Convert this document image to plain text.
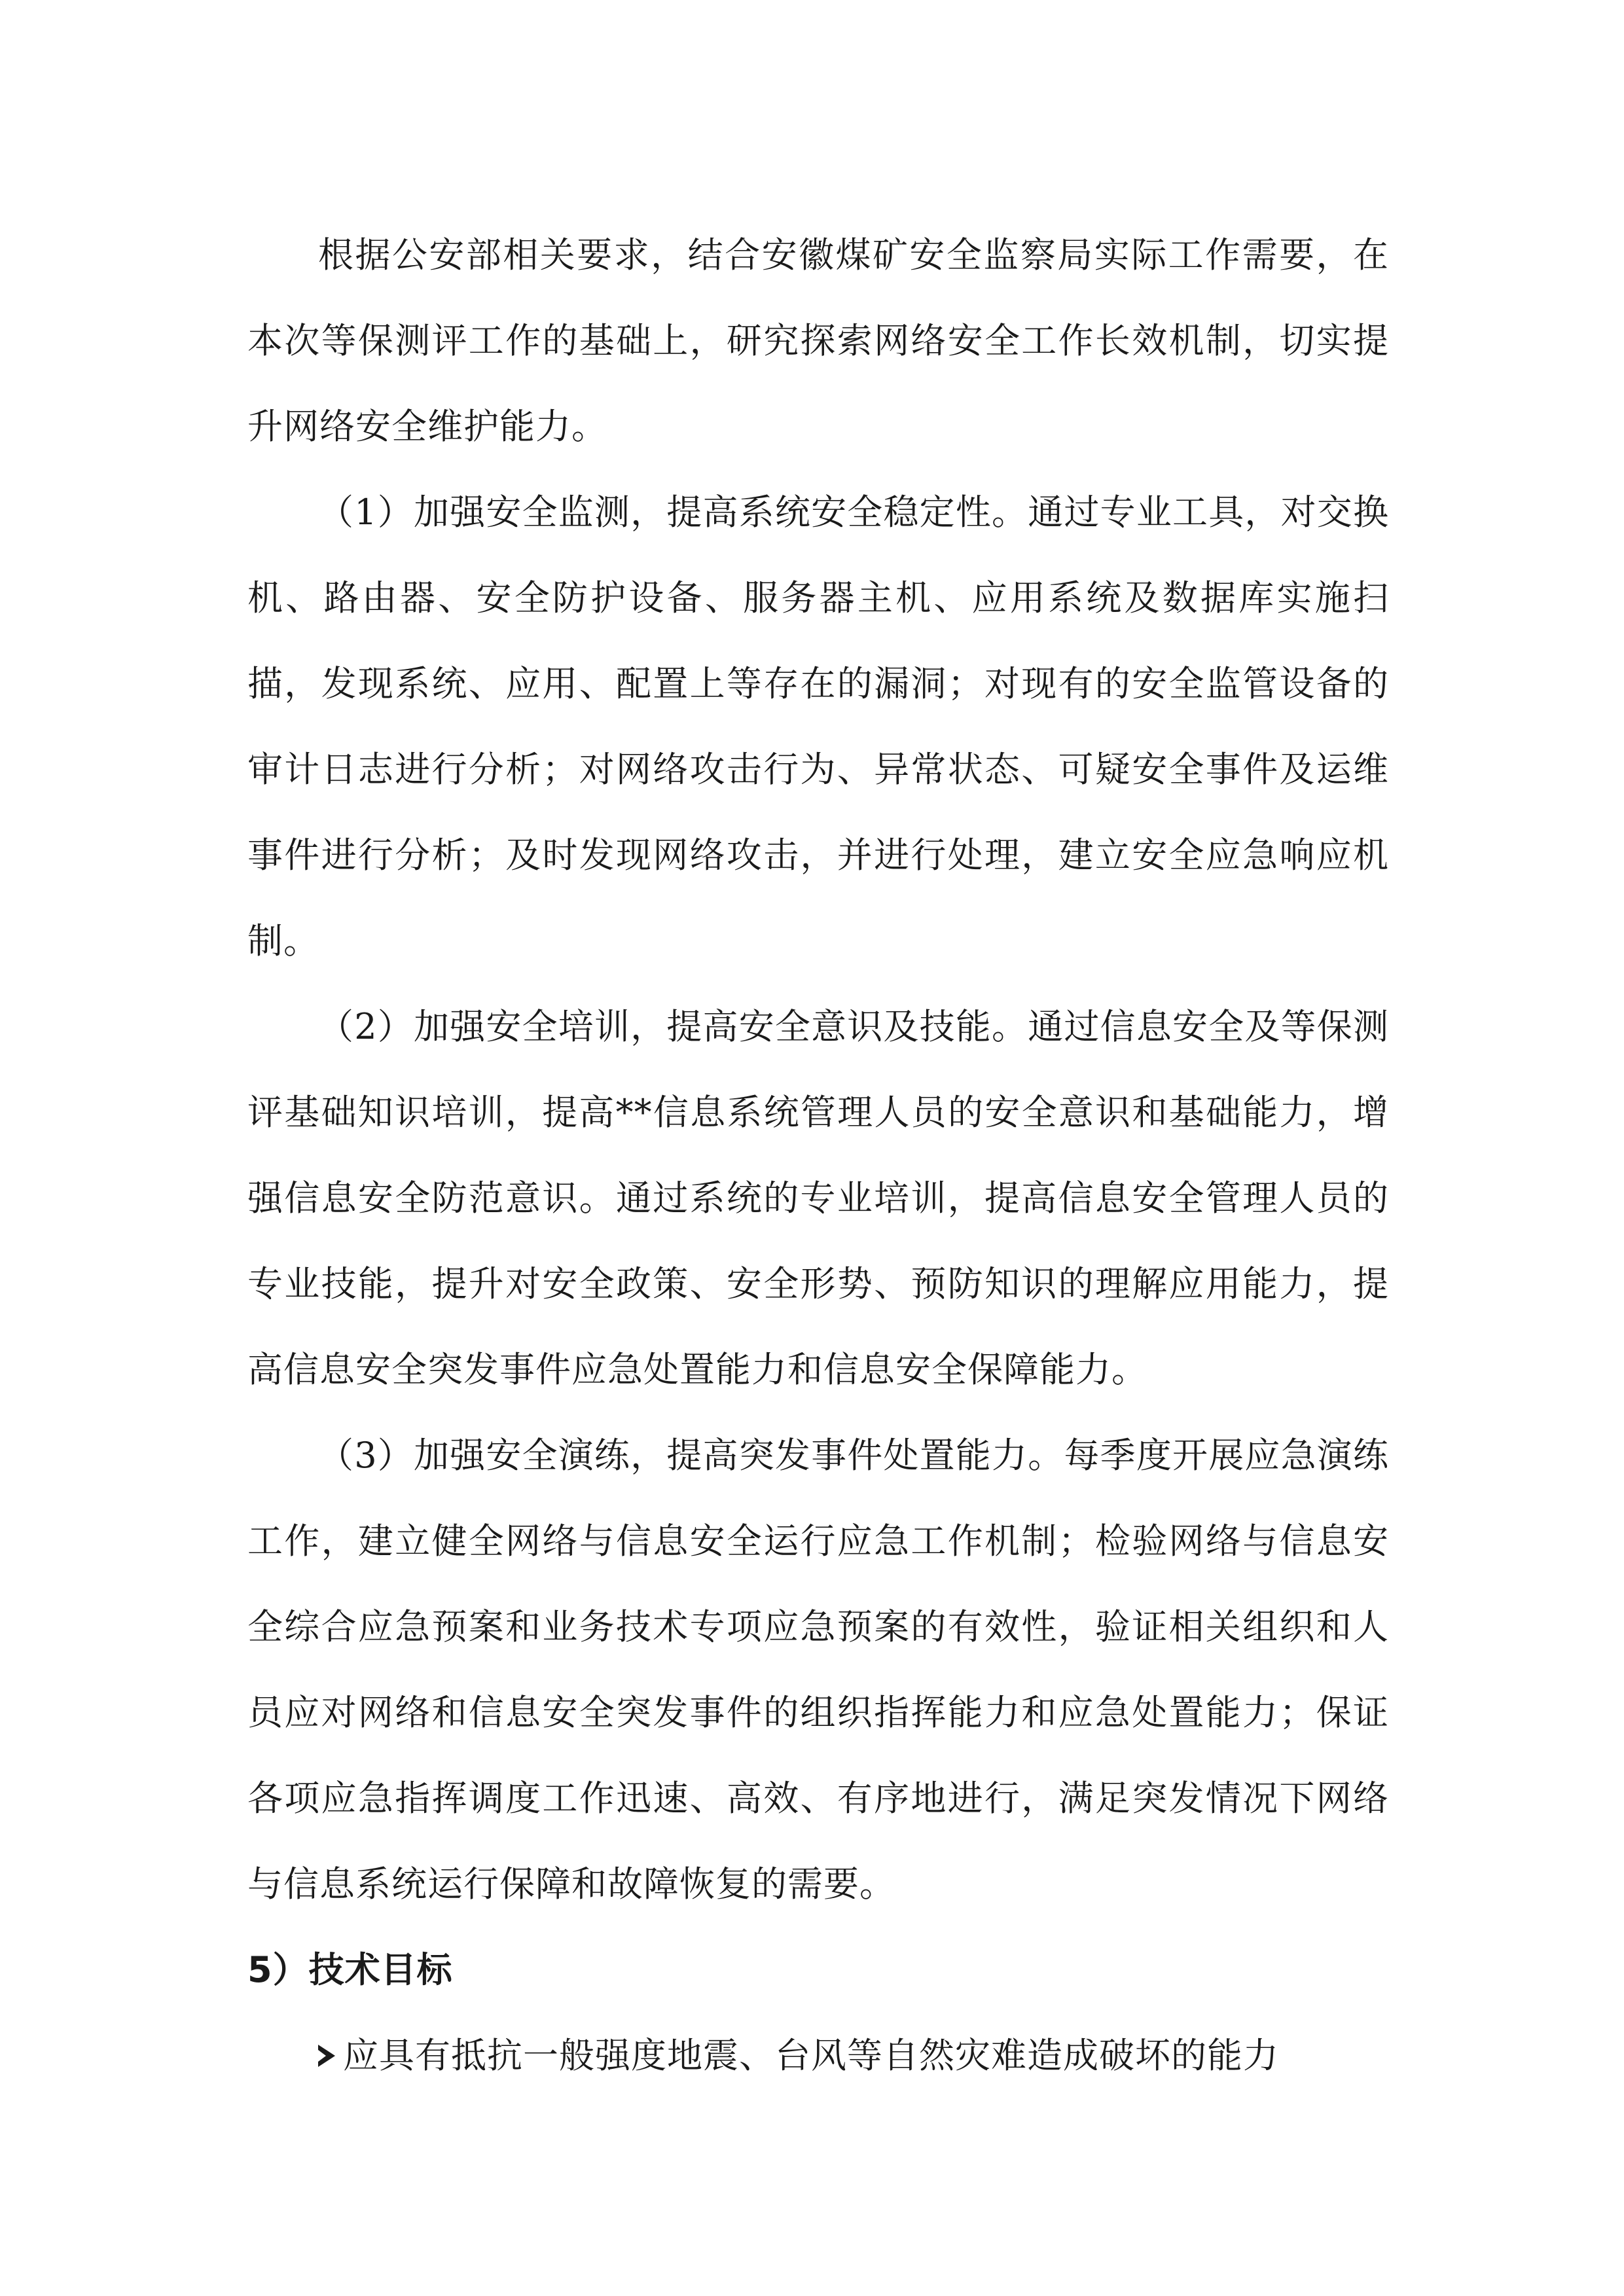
根据公安部相关要求，结合安徽煤矿安全监察局实际工作需要，在本次等保测评工作的基础上，研究探索网络安全工作长效机制，切实提升网络安全维护能力。

（1）加强安全监测，提高系统安全稳定性。通过专业工具，对交换机、路由器、安全防护设备、服务器主机、应用系统及数据库实施扫描，发现系统、应用、配置上等存在的漏洞；对现有的安全监管设备的审计日志进行分析；对网络攻击行为、异常状态、可疑安全事件及运维事件进行分析；及时发现网络攻击，并进行处理，建立安全应急响应机制。

（2）加强安全培训，提高安全意识及技能。通过信息安全及等保测评基础知识培训，提高**信息系统管理人员的安全意识和基础能力，增强信息安全防范意识。通过系统的专业培训，提高信息安全管理人员的专业技能，提升对安全政策、安全形势、预防知识的理解应用能力，提高信息安全突发事件应急处置能力和信息安全保障能力。

（3）加强安全演练，提高突发事件处置能力。每季度开展应急演练工作，建立健全网络与信息安全运行应急工作机制；检验网络与信息安全综合应急预案和业务技术专项应急预案的有效性，验证相关组织和人员应对网络和信息安全突发事件的组织指挥能力和应急处置能力；保证各项应急指挥调度工作迅速、高效、有序地进行，满足突发情况下网络与信息系统运行保障和故障恢复的需要。

5）技术目标

应具有抵抗一般强度地震、台风等自然灾难造成破坏的能力
